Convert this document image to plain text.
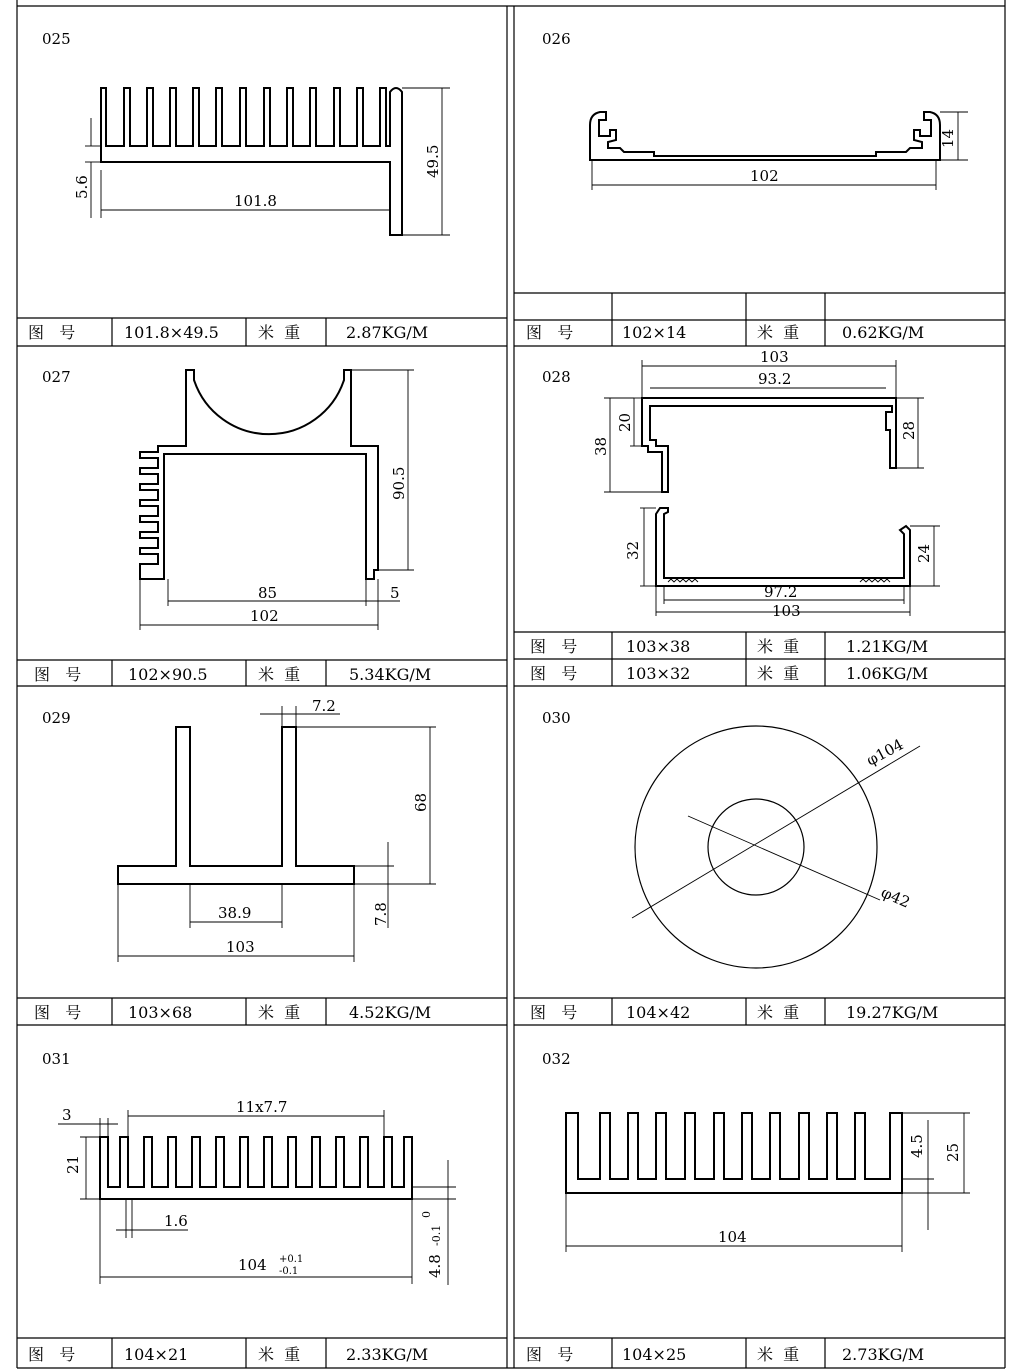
图   号	101.8×49.5 米  重	2.87KG/M	图   号	102×14	米  重	0.62KG/M
图   号	102×90.5	米  重	5.34KG/M
图   号	103×38	米  重	1.21KG/M
图   号	103×32	米  重	1.06KG/M
图   号	103×68	米  重	4.52KG/M	图   号	104×42	米  重	19.27KG/M
图   号	104×21	米  重	2.33KG/M	图   号	104×25	米  重	2.73KG/M
025	026
027	028
029	030
031	032
5.6
101.8
49.5	102
14
85
102
5
90.5
103
93.2
20
38
28
32	24
97.2
103
7.2
68
38.9
103
7.8
φ104
φ42
3	11x7.7
21
1.6
104 +0.1
-0.1
0
4.8
-0.1	104
4.5 25
